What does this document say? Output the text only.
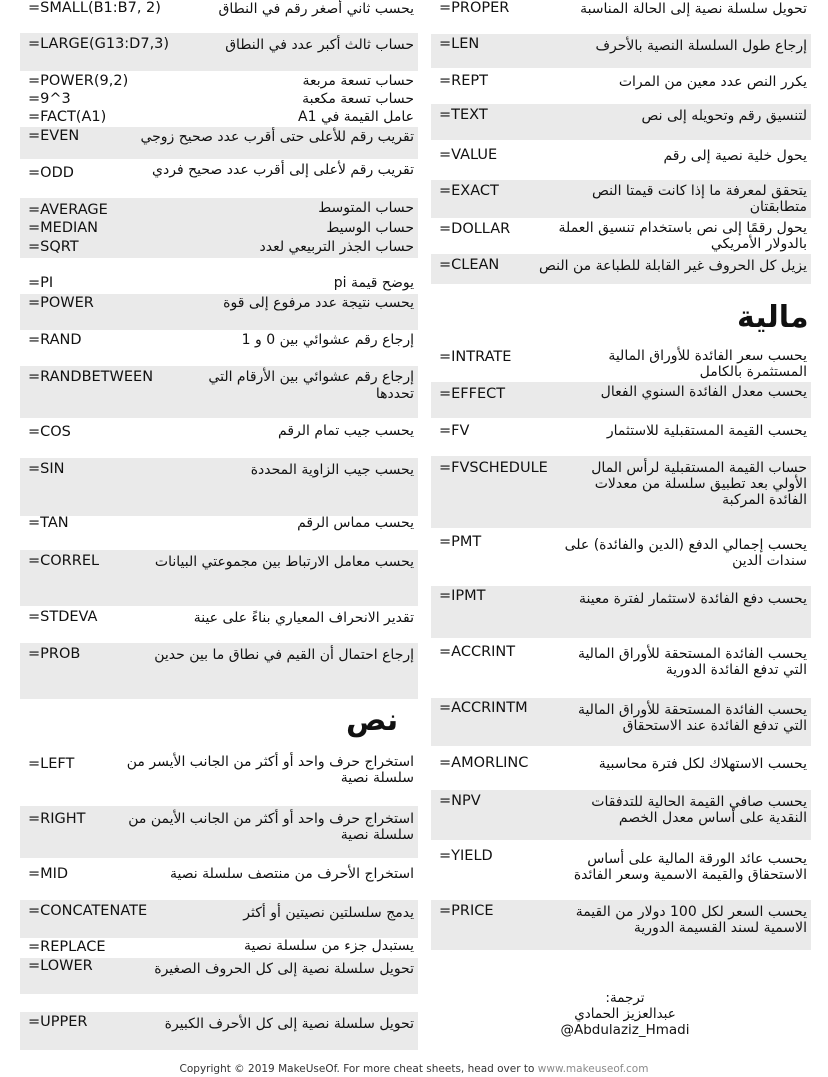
=SMALL(B1:B7, 2)	يحسب ثاني أصغر رقم في النطاق
=LARGE(G13:D7,3)	حساب ثالث أكبر عدد في النطاق
=POWER(9,2)	حساب تسعة مربعة
=9^3	حساب تسعة مكعبة
=FACT(A1)	عامل القيمة في A1
=EVEN	تقريب رقم للأعلى حتى أقرب عدد صحيح زوجي
=ODD	تقريب رقم لأعلى إلى أقرب عدد صحيح فردي
=AVERAGE	حساب المتوسط
=MEDIAN	حساب الوسيط
=SQRT	حساب الجذر التربيعي لعدد
=PI	يوضح قيمة pi
=POWER	يحسب نتيجة عدد مرفوع إلى قوة
=RAND	إرجاع رقم عشوائي بين 0 و 1
=RANDBETWEEN	إرجاع رقم عشوائي بين الأرقام التي تحددها
=COS	يحسب جيب تمام الرقم
=SIN	يحسب جيب الزاوية المحددة
=TAN	يحسب مماس الرقم
=CORREL	يحسب معامل الارتباط بين مجموعتي البيانات
=STDEVA	تقدير الانحراف المعياري بناءً على عينة
=PROB	إرجاع احتمال أن القيم في نطاق ما بين حدين
نص
=LEFT	استخراج حرف واحد أو أكثر من الجانب الأيسر من سلسلة نصية
=RIGHT	استخراج حرف واحد أو أكثر من الجانب الأيمن من سلسلة نصية
=MID	استخراج الأحرف من منتصف سلسلة نصية
=CONCATENATE	يدمج سلسلتين نصيتين أو أكثر
=REPLACE	يستبدل جزء من سلسلة نصية
=LOWER	تحويل سلسلة نصية إلى كل الحروف الصغيرة
=UPPER	تحويل سلسلة نصية إلى كل الأحرف الكبيرة
=PROPER	تحويل سلسلة نصية إلى الحالة المناسبة
=LEN	إرجاع طول السلسلة النصية بالأحرف
=REPT	يكرر النص عدد معين من المرات
=TEXT	لتنسيق رقم وتحويله إلى نص
=VALUE	يحول خلية نصية إلى رقم
=EXACT	يتحقق لمعرفة ما إذا كانت قيمتا النص متطابقتان
=DOLLAR	يحول رقمًا إلى نص باستخدام تنسيق العملة بالدولار الأمريكي
=CLEAN	يزيل كل الحروف غير القابلة للطباعة من النص
مالية
=INTRATE	يحسب سعر الفائدة للأوراق المالية المستثمرة بالكامل
=EFFECT	يحسب معدل الفائدة السنوي الفعال
=FV	يحسب القيمة المستقبلية للاستثمار
=FVSCHEDULE	حساب القيمة المستقبلية لرأس المال الأولي بعد تطبيق سلسلة من معدلات الفائدة المركبة
=PMT	يحسب إجمالي الدفع (الدين والفائدة) على سندات الدين
=IPMT	يحسب دفع الفائدة لاستثمار لفترة معينة
=ACCRINT	يحسب الفائدة المستحقة للأوراق المالية التي تدفع الفائدة الدورية
=ACCRINTM	يحسب الفائدة المستحقة للأوراق المالية التي تدفع الفائدة عند الاستحقاق
=AMORLINC	يحسب الاستهلاك لكل فترة محاسبية
=NPV	يحسب صافي القيمة الحالية للتدفقات النقدية على أساس معدل الخصم
=YIELD	يحسب عائد الورقة المالية على أساس الاستحقاق والقيمة الاسمية وسعر الفائدة
=PRICE	يحسب السعر لكل 100 دولار من القيمة الاسمية لسند القسيمة الدورية
ترجمة:
عبدالعزيز الحمادي
@Abdulaziz_Hmadi
Copyright © 2019 MakeUseOf. For more cheat sheets, head over to www.makeuseof.com
